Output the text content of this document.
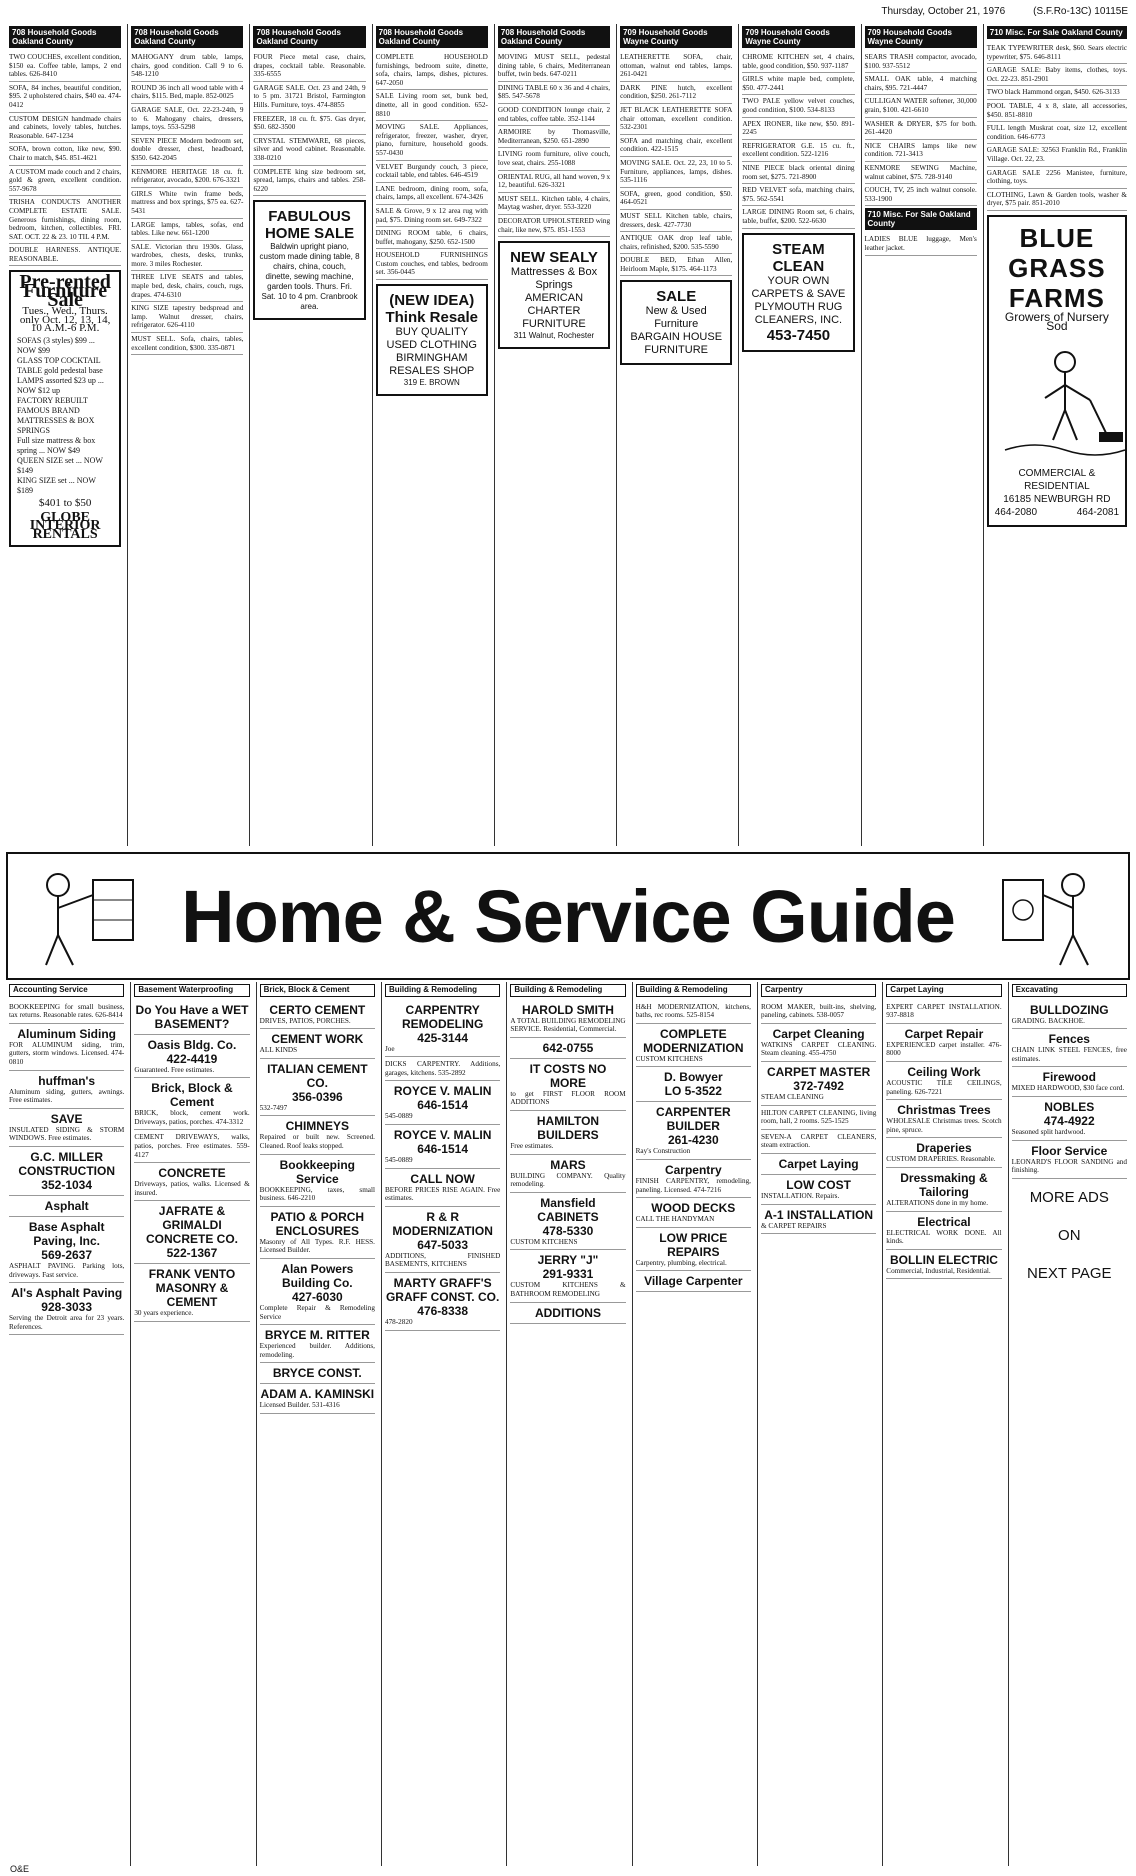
Thursday, October 21, 1976	(S.F.Ro-13C) 10115E
708 Household Goods Oakland County
TWO COUCHES, excellent condition, $150 ea. Coffee table, lamps, 2 end tables. 626-8410
SOFA, 84 inches, beautiful condition, $95. 2 upholstered chairs, $40 ea. 474-0412
CUSTOM DESIGN handmade chairs and cabinets, lovely tables, hutches. Reasonable. 647-1234
SOFA, brown cotton, like new, $90. Chair to match, $45. 851-4621
A CUSTOM made couch and 2 chairs, gold & green, excellent condition. 557-9678
TRISHA CONDUCTS ANOTHER COMPLETE ESTATE SALE. Generous furnishings, dining room, bedroom, kitchen, collectibles. FRI. SAT. OCT. 22 & 23. 10 TIL 4 P.M.
DOUBLE HARNESS. ANTIQUE. REASONABLE.
Pre-rented Furniture Sale
Tues., Wed., Thurs. only Oct. 12, 13, 14, 10 A.M.-6 P.M.
SOFAS (3 styles) $99 ... NOW $99
GLASS TOP COCKTAIL TABLE gold pedestal base
LAMPS assorted $23 up ... NOW $12 up
FACTORY REBUILT FAMOUS BRAND MATTRESSES & BOX SPRINGS
Full size mattress & box spring ... NOW $49
QUEEN SIZE set ... NOW $149
KING SIZE set ... NOW $189
$401 to $50
GLOBE INTERIOR RENTALS
708 Household Goods Oakland County
MAHOGANY drum table, lamps, chairs, good condition. Call 9 to 6. 548-1210
ROUND 36 inch all wood table with 4 chairs, $115. Bed, maple. 852-0025
GARAGE SALE, Oct. 22-23-24th, 9 to 6. Mahogany chairs, dressers, lamps, toys. 553-5298
SEVEN PIECE Modern bedroom set, double dresser, chest, headboard, $350. 642-2045
KENMORE HERITAGE 18 cu. ft. refrigerator, avocado, $200. 676-3321
GIRLS White twin frame beds, mattress and box springs, $75 ea. 627-5431
LARGE lamps, tables, sofas, end tables. Like new. 661-1200
SALE. Victorian thru 1930s. Glass, wardrobes, chests, desks, trunks, more. 3 miles Rochester.
THREE LIVE SEATS and tables, maple bed, desk, chairs, couch, rugs, drapes. 474-6310
KING SIZE tapestry bedspread and lamp. Walnut dresser, chairs, refrigerator. 626-4110
MUST SELL. Sofa, chairs, tables, excellent condition, $300. 335-0871
708 Household Goods Oakland County
FOUR Piece metal case, chairs, drapes, cocktail table. Reasonable. 335-6555
GARAGE SALE. Oct. 23 and 24th, 9 to 5 pm. 31721 Bristol, Farmington Hills. Furniture, toys. 474-8855
FREEZER, 18 cu. ft. $75. Gas dryer, $50. 682-3500
CRYSTAL STEMWARE, 68 pieces, silver and wood cabinet. Reasonable. 338-0210
COMPLETE king size bedroom set, spread, lamps, chairs and tables. 258-6220
FABULOUS HOME SALE
Baldwin upright piano, custom made dining table, 8 chairs, china, couch, dinette, sewing machine, garden tools. Thurs. Fri. Sat. 10 to 4 pm. Cranbrook area.
708 Household Goods Oakland County
COMPLETE HOUSEHOLD furnishings, bedroom suite, dinette, sofa, chairs, lamps, dishes, pictures. 647-2050
SALE Living room set, bunk bed, dinette, all in good condition. 652-8810
MOVING SALE. Appliances, refrigerator, freezer, washer, dryer, piano, furniture, household goods. 557-0430
VELVET Burgundy couch, 3 piece, cocktail table, end tables. 646-4519
LANE bedroom, dining room, sofa, chairs, lamps, all excellent. 674-3426
SALE & Grove, 9 x 12 area rug with pad, $75. Dining room set. 649-7322
DINING ROOM table, 6 chairs, buffet, mahogany, $250. 652-1500
HOUSEHOLD FURNISHINGS Custom couches, end tables, bedroom set. 356-0445
(NEW IDEA) Think Resale
BUY QUALITY USED CLOTHING
BIRMINGHAM RESALES SHOP
319 E. BROWN
708 Household Goods Oakland County
MOVING MUST SELL, pedestal dining table, 6 chairs, Mediterranean buffet, twin beds. 647-0211
DINING TABLE 60 x 36 and 4 chairs, $85. 547-5678
GOOD CONDITION lounge chair, 2 end tables, coffee table. 352-1144
ARMOIRE by Thomasville, Mediterranean, $250. 651-2890
LIVING room furniture, olive couch, love seat, chairs. 255-1088
ORIENTAL RUG, all hand woven, 9 x 12, beautiful. 626-3321
MUST SELL. Kitchen table, 4 chairs, Maytag washer, dryer. 553-3220
DECORATOR UPHOLSTERED wing chair, like new, $75. 851-1553
NEW SEALY
Mattresses & Box Springs
AMERICAN CHARTER FURNITURE
311 Walnut, Rochester
709 Household Goods Wayne County
LEATHERETTE SOFA, chair, ottoman, walnut end tables, lamps. 261-0421
DARK PINE hutch, excellent condition, $250. 261-7112
JET BLACK LEATHERETTE SOFA chair ottoman, excellent condition. 532-2301
SOFA and matching chair, excellent condition. 422-1515
MOVING SALE. Oct. 22, 23, 10 to 5. Furniture, appliances, lamps, dishes. 535-1116
SOFA, green, good condition, $50. 464-0521
MUST SELL Kitchen table, chairs, dressers, desk. 427-7730
ANTIQUE OAK drop leaf table, chairs, refinished, $200. 535-5590
DOUBLE BED, Ethan Allen, Heirloom Maple, $175. 464-1173
SALE
New & Used Furniture
BARGAIN HOUSE FURNITURE
709 Household Goods Wayne County
CHROME KITCHEN set, 4 chairs, table, good condition, $50. 937-1187
GIRLS white maple bed, complete, $50. 477-2441
TWO PALE yellow velvet couches, good condition, $100. 534-8133
APEX IRONER, like new, $50. 891-2245
REFRIGERATOR G.E. 15 cu. ft., excellent condition. 522-1216
NINE PIECE black oriental dining room set, $275. 721-8900
RED VELVET sofa, matching chairs, $75. 562-5541
LARGE DINING Room set, 6 chairs, table, buffet, $200. 522-6630
STEAM CLEAN
YOUR OWN CARPETS & SAVE
PLYMOUTH RUG CLEANERS, INC.
453-7450
709 Household Goods Wayne County
SEARS TRASH compactor, avocado, $100. 937-5512
SMALL OAK table, 4 matching chairs, $95. 721-4447
CULLIGAN WATER softener, 30,000 grain, $100. 421-6610
WASHER & DRYER, $75 for both. 261-4420
NICE CHAIRS lamps like new condition. 721-3413
KENMORE SEWING Machine, walnut cabinet, $75. 728-9140
COUCH, TV, 25 inch walnut console. 533-1900
710 Misc. For Sale Oakland County
LADIES BLUE luggage, Men's leather jacket.
710 Misc. For Sale Oakland County
TEAK TYPEWRITER desk, $60. Sears electric typewriter, $75. 646-8111
GARAGE SALE: Baby items, clothes, toys. Oct. 22-23. 851-2901
TWO black Hammond organ, $450. 626-3133
POOL TABLE, 4 x 8, slate, all accessories, $450. 851-8810
FULL length Muskrat coat, size 12, excellent condition. 646-6773
GARAGE SALE: 32563 Franklin Rd., Franklin Village. Oct. 22, 23.
GARAGE SALE 2256 Manistee, furniture, clothing, toys.
CLOTHING, Lawn & Garden tools, washer & dryer, $75 pair. 851-2010
BLUE GRASS FARMS
Growers of Nursery Sod
COMMERCIAL & RESIDENTIAL
16185 NEWBURGH RD
464-2080	464-2081
Home & Service Guide
Accounting Service
BOOKKEEPING for small business, tax returns. Reasonable rates. 626-8414
Aluminum Siding
FOR ALUMINUM siding, trim, gutters, storm windows. Licensed. 474-0810
huffman's
Aluminum siding, gutters, awnings. Free estimates.
SAVE
INSULATED SIDING & STORM WINDOWS. Free estimates.
G.C. MILLER CONSTRUCTION
352-1034
Asphalt
Base Asphalt Paving, Inc.
569-2637
ASPHALT PAVING. Parking lots, driveways. Fast service.
Al's Asphalt Paving
928-3033
Serving the Detroit area for 23 years. References.
Basement Waterproofing
Do You Have a WET BASEMENT?
Oasis Bldg. Co.
422-4419
Guaranteed. Free estimates.
Brick, Block & Cement
BRICK, block, cement work. Driveways, patios, porches. 474-3312
CEMENT DRIVEWAYS, walks, patios, porches. Free estimates. 559-4127
CONCRETE
Driveways, patios, walks. Licensed & insured.
JAFRATE & GRIMALDI CONCRETE CO.
522-1367
FRANK VENTO MASONRY & CEMENT
30 years experience.
Brick, Block & Cement
CERTO CEMENT
DRIVES, PATIOS, PORCHES.
CEMENT WORK
ALL KINDS
ITALIAN CEMENT CO.
356-0396
532-7497
CHIMNEYS
Repaired or built new. Screened. Cleaned. Roof leaks stopped.
Bookkeeping Service
BOOKKEEPING, taxes, small business. 646-2210
PATIO & PORCH ENCLOSURES
Masonry of All Types. R.F. HESS. Licensed Builder.
Alan Powers Building Co.
427-6030
Complete Repair & Remodeling Service
BRYCE M. RITTER
Experienced builder. Additions, remodeling.
BRYCE CONST.
ADAM A. KAMINSKI
Licensed Builder. 531-4316
Building & Remodeling
CARPENTRY REMODELING
425-3144
Joe
DICKS CARPENTRY. Additions, garages, kitchens. 535-2892
ROYCE V. MALIN
646-1514
545-0889
ROYCE V. MALIN
646-1514
545-0889
CALL NOW
BEFORE PRICES RISE AGAIN. Free estimates.
R & R MODERNIZATION
647-5033
ADDITIONS, FINISHED BASEMENTS, KITCHENS
MARTY GRAFF'S GRAFF CONST. CO.
476-8338
478-2820
Building & Remodeling
HAROLD SMITH
A TOTAL BUILDING REMODELING SERVICE. Residential, Commercial.
642-0755
IT COSTS NO MORE
to get FIRST FLOOR ROOM ADDITIONS
HAMILTON BUILDERS
Free estimates.
MARS
BUILDING COMPANY. Quality remodeling.
Mansfield CABINETS
478-5330
CUSTOM KITCHENS
JERRY "J"
291-9331
CUSTOM KITCHENS & BATHROOM REMODELING
ADDITIONS
Building & Remodeling
H&H MODERNIZATION, kitchens, baths, rec rooms. 525-8154
COMPLETE MODERNIZATION
CUSTOM KITCHENS
D. Bowyer
LO 5-3522
CARPENTER BUILDER
261-4230
Ray's Construction
Carpentry
FINISH CARPENTRY, remodeling, paneling. Licensed. 474-7216
WOOD DECKS
CALL THE HANDYMAN
LOW PRICE REPAIRS
Carpentry, plumbing, electrical.
Village Carpenter
Carpentry
ROOM MAKER, built-ins, shelving, paneling, cabinets. 538-0057
Carpet Cleaning
WATKINS CARPET CLEANING. Steam cleaning. 455-4750
CARPET MASTER
372-7492
STEAM CLEANING
HILTON CARPET CLEANING, living room, hall, 2 rooms. 525-1525
SEVEN-A CARPET CLEANERS, steam extraction.
Carpet Laying
LOW COST
INSTALLATION. Repairs.
A-1 INSTALLATION
& CARPET REPAIRS
Carpet Laying
EXPERT CARPET INSTALLATION. 937-8818
Carpet Repair
EXPERIENCED carpet installer. 476-8000
Ceiling Work
ACOUSTIC TILE CEILINGS, paneling. 626-7221
Christmas Trees
WHOLESALE Christmas trees. Scotch pine, spruce.
Draperies
CUSTOM DRAPERIES. Reasonable.
Dressmaking & Tailoring
ALTERATIONS done in my home.
Electrical
ELECTRICAL WORK DONE. All kinds.
BOLLIN ELECTRIC
Commercial, Industrial, Residential.
Excavating
BULLDOZING
GRADING. BACKHOE.
Fences
CHAIN LINK STEEL FENCES, free estimates.
Firewood
MIXED HARDWOOD, $30 face cord.
NOBLES
474-4922
Seasoned split hardwood.
Floor Service
LEONARD'S FLOOR SANDING and finishing.
MORE ADS
ON
NEXT PAGE
O&E
